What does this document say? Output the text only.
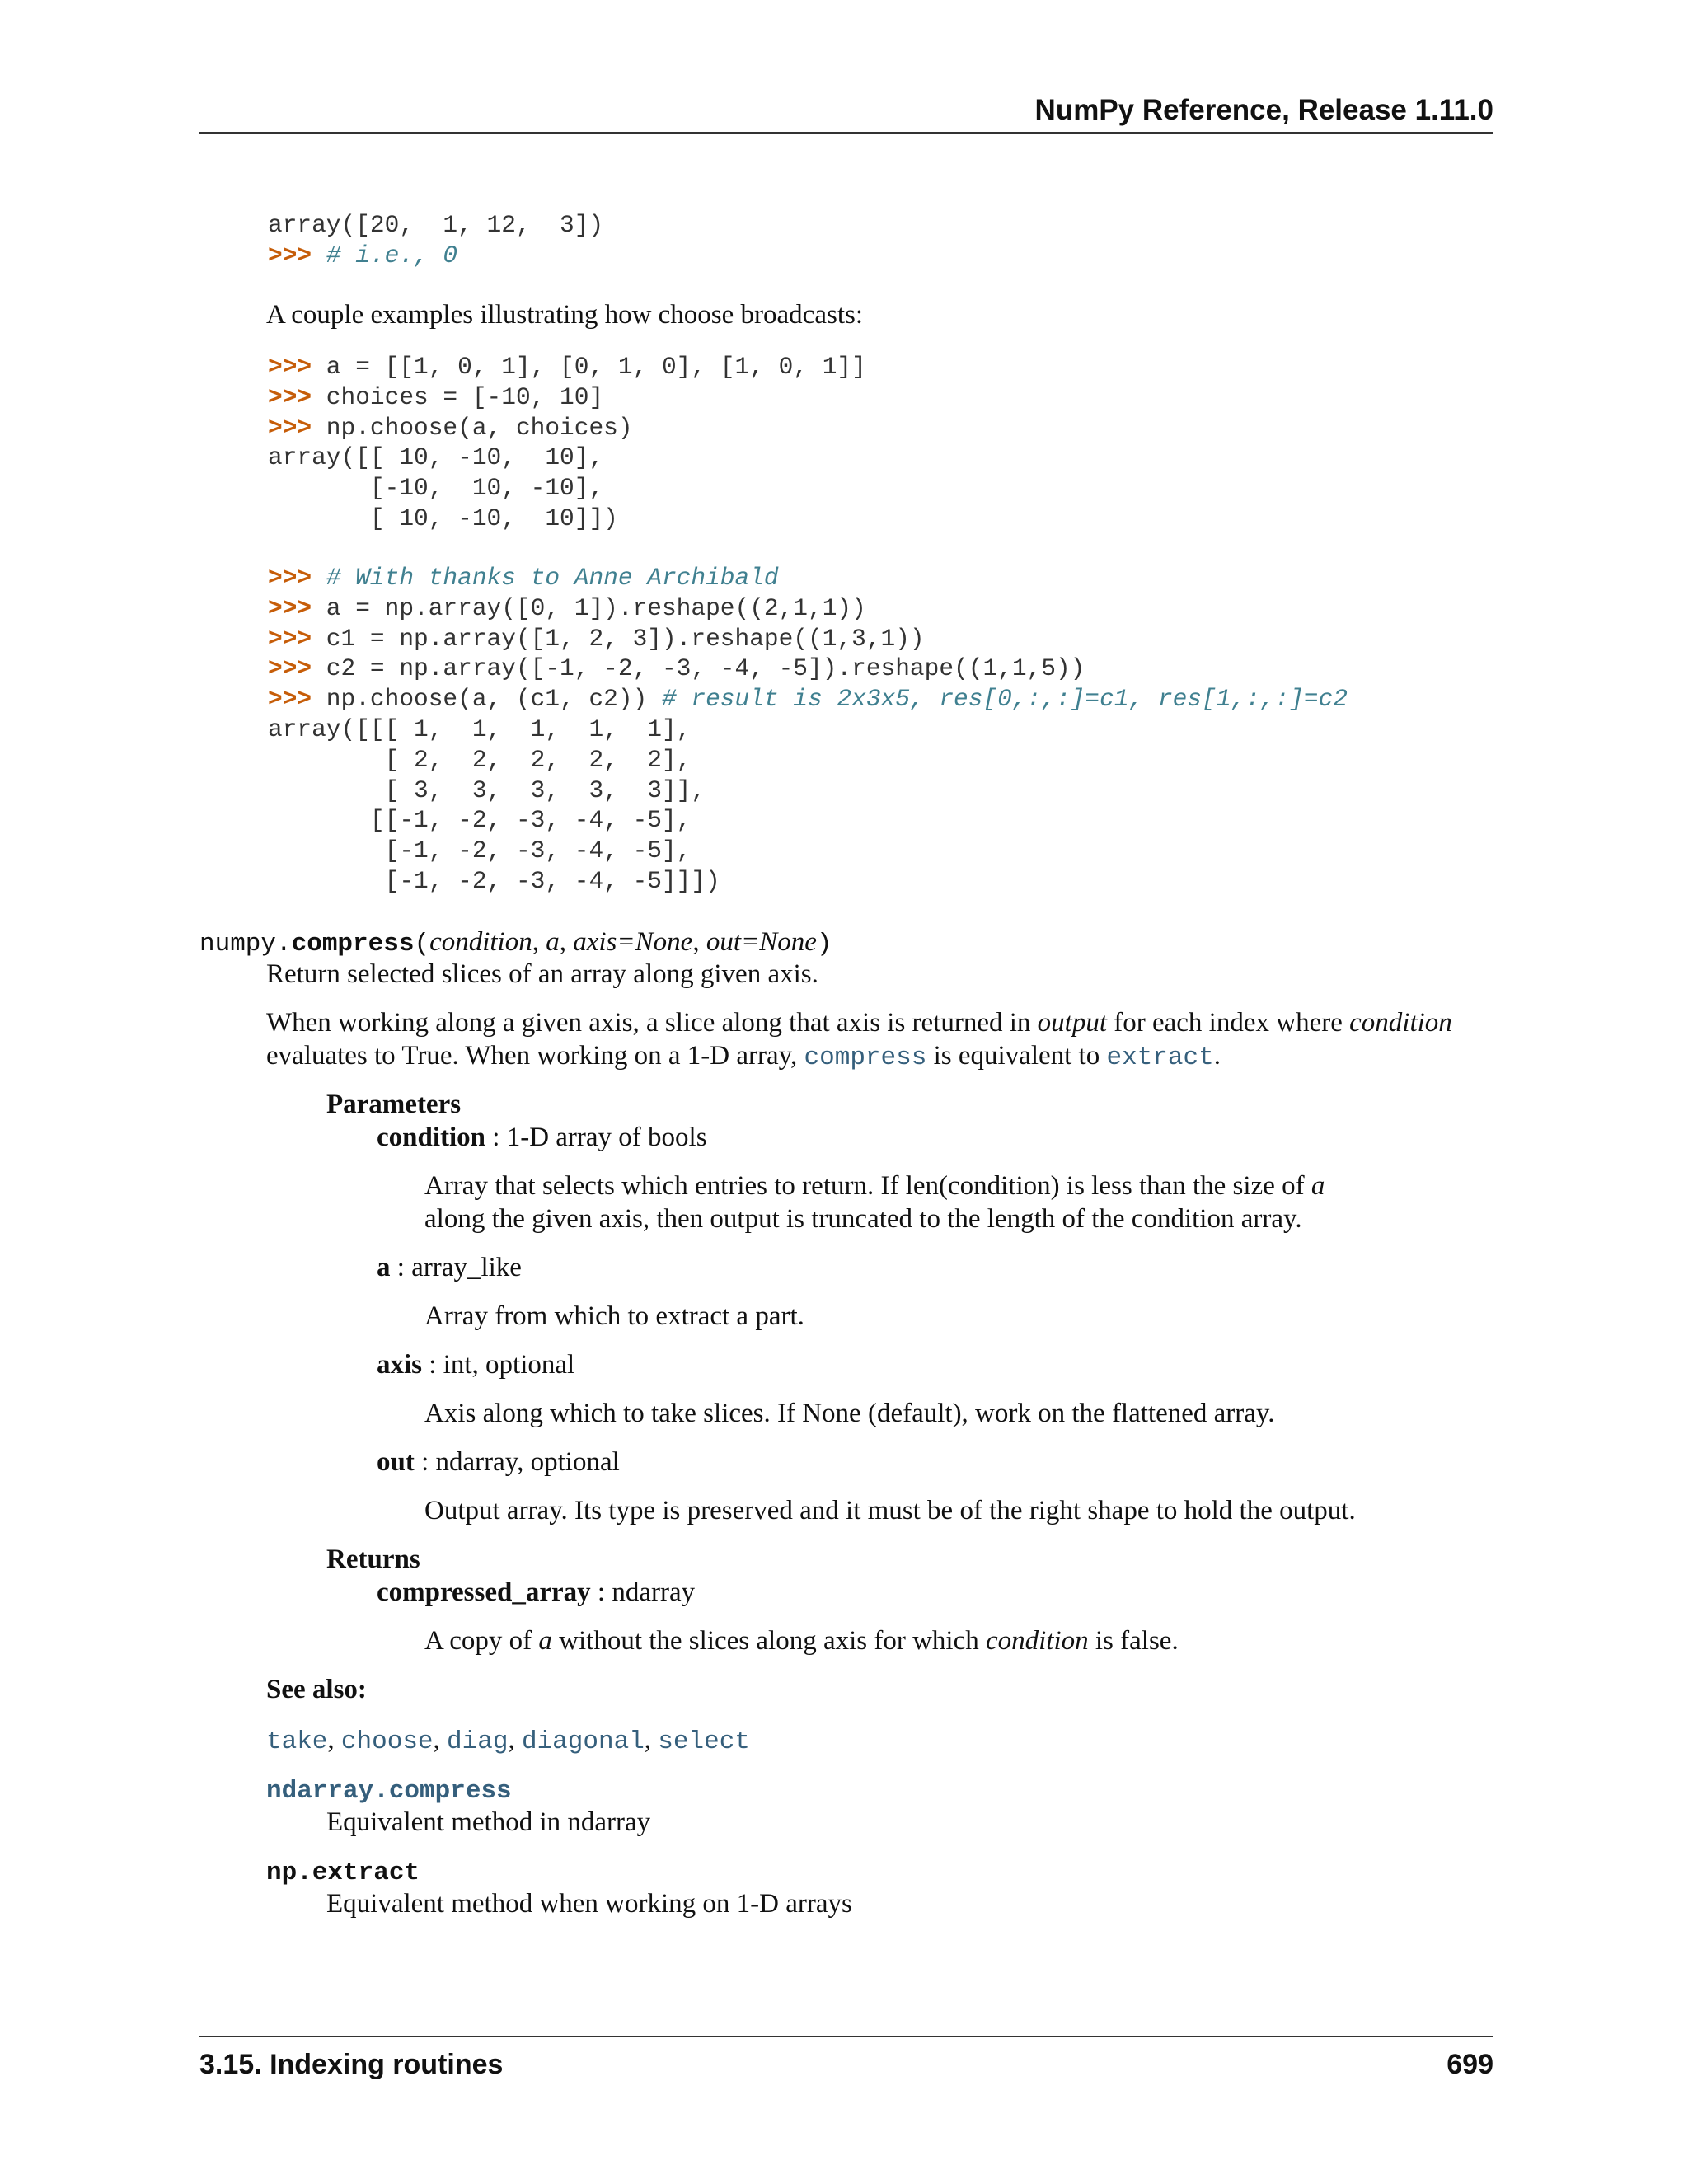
NumPy Reference, Release 1.11.0
array([20,  1, 12,  3])
>>> # i.e., 0
A couple examples illustrating how choose broadcasts:
>>> a = [[1, 0, 1], [0, 1, 0], [1, 0, 1]]
>>> choices = [-10, 10]
>>> np.choose(a, choices)
array([[ 10, -10,  10],
[-10,  10, -10],
[ 10, -10,  10]])
>>> # With thanks to Anne Archibald
>>> a = np.array([0, 1]).reshape((2,1,1))
>>> c1 = np.array([1, 2, 3]).reshape((1,3,1))
>>> c2 = np.array([-1, -2, -3, -4, -5]).reshape((1,1,5))
>>> np.choose(a, (c1, c2)) # result is 2x3x5, res[0,:,:]=c1, res[1,:,:]=c2
array([[[ 1,  1,  1,  1,  1],
[ 2,  2,  2,  2,  2],
[ 3,  3,  3,  3,  3]],
[[-1, -2, -3, -4, -5],
[-1, -2, -3, -4, -5],
[-1, -2, -3, -4, -5]]])
numpy.compress(condition, a, axis=None, out=None)
Return selected slices of an array along given axis.
When working along a given axis, a slice along that axis is returned in output for each index where condition
evaluates to True. When working on a 1-D array, compress is equivalent to extract.
Parameters
condition : 1-D array of bools
Array that selects which entries to return. If len(condition) is less than the size of a
along the given axis, then output is truncated to the length of the condition array.
a : array_like
Array from which to extract a part.
axis : int, optional
Axis along which to take slices. If None (default), work on the flattened array.
out : ndarray, optional
Output array. Its type is preserved and it must be of the right shape to hold the output.
Returns
compressed_array : ndarray
A copy of a without the slices along axis for which condition is false.
See also:
take, choose, diag, diagonal, select
ndarray.compress
Equivalent method in ndarray
np.extract
Equivalent method when working on 1-D arrays
3.15. Indexing routines	699
